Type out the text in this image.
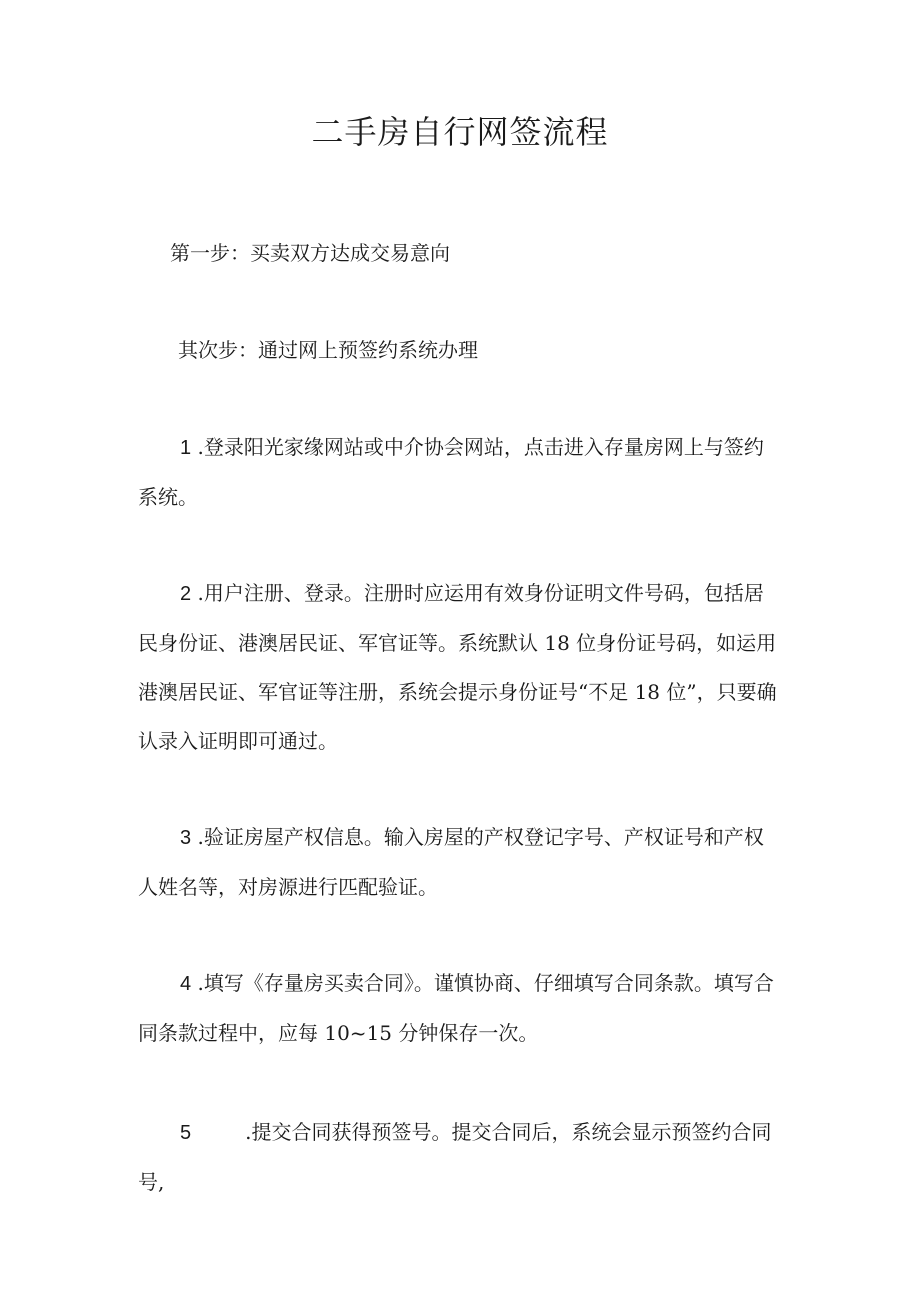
二手房自行网签流程

第一步：买卖双方达成交易意向

其次步：通过网上预签约系统办理

1 .登录阳光家缘网站或中介协会网站，点击进入存量房网上与签约系统。
2 .用户注册、登录。注册时应运用有效身份证明文件号码，包括居民身份证、港澳居民证、军官证等。系统默认 18 位身份证号码，如运用港澳居民证、军官证等注册，系统会提示身份证号“不足 18 位”，只要确认录入证明即可通过。
3 .验证房屋产权信息。输入房屋的产权登记字号、产权证号和产权人姓名等，对房源进行匹配验证。
4 .填写《存量房买卖合同》。谨慎协商、仔细填写合同条款。填写合同条款过程中，应每 10~15 分钟保存一次。
5	.提交合同获得预签号。提交合同后，系统会显示预签约合同号,
